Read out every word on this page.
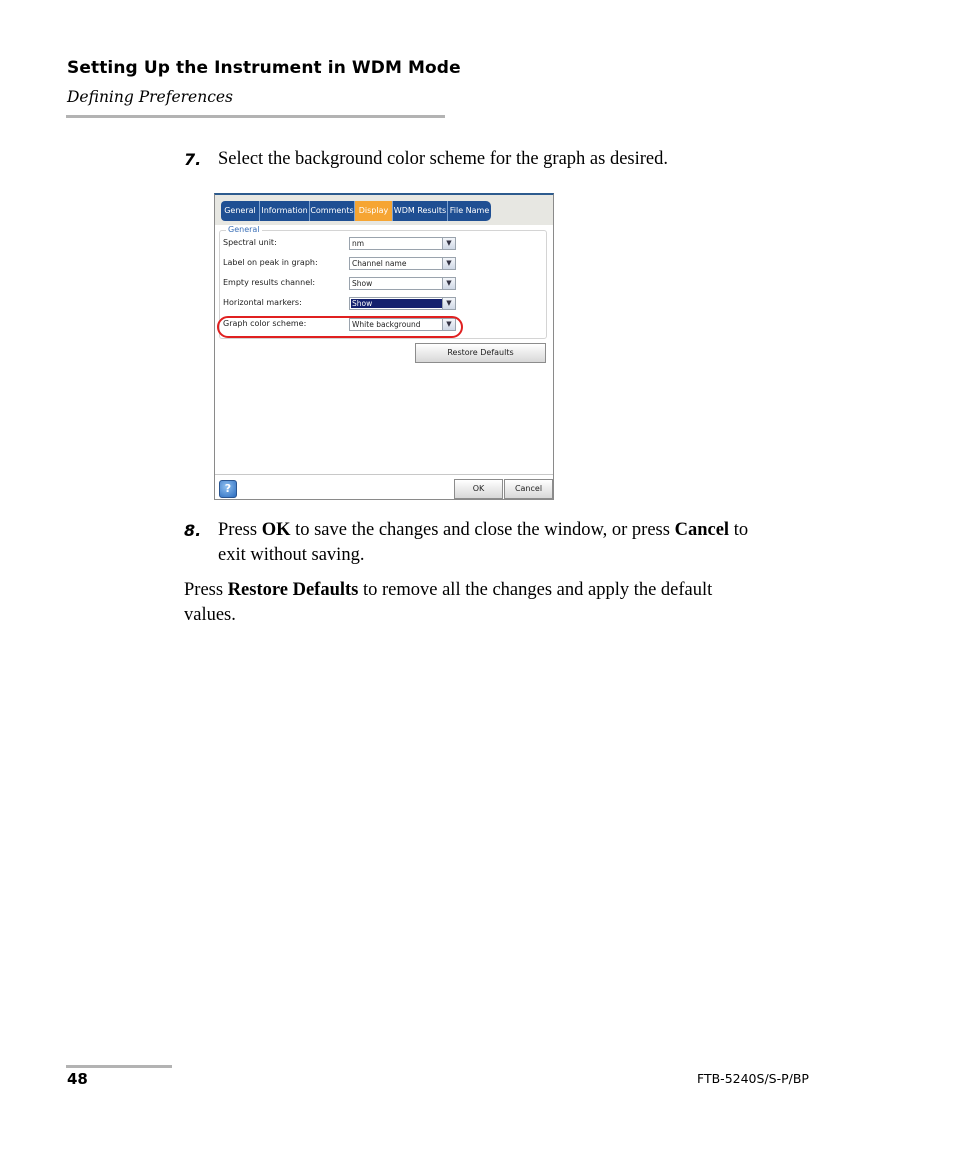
Setting Up the Instrument in WDM Mode
Defining Preferences
7. Select the background color scheme for the graph as desired.
General Information Comments Display WDM Results File Name
General
Spectral unit:	nm	▼
Label on peak in graph:	Channel name	▼
Empty results channel:	Show	▼
Horizontal markers:	Show	▼
Graph color scheme:	White background	▼
Restore Defaults
?	OK	Cancel
8. Press OK to save the changes and close the window, or press Cancel to
exit without saving.
Press Restore Defaults to remove all the changes and apply the default
values.
48	FTB-5240S/S-P/BP
